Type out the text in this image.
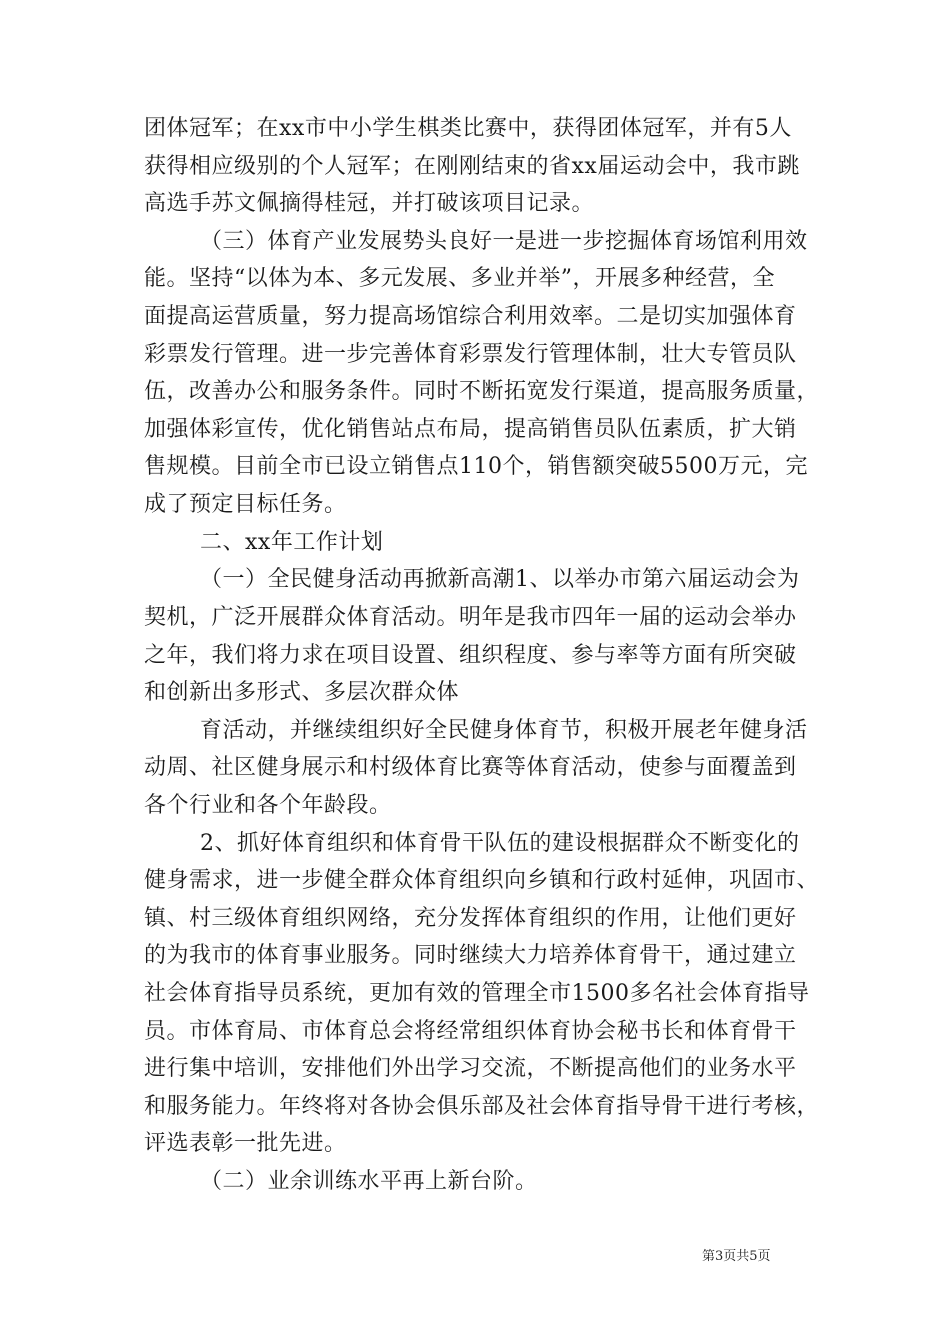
团体冠军；在xx市中小学生棋类比赛中，获得团体冠军，并有5人
获得相应级别的个人冠军；在刚刚结束的省xx届运动会中，我市跳
高选手苏文佩摘得桂冠，并打破该项目记录。
（三）体育产业发展势头良好一是进一步挖掘体育场馆利用效
能。坚持“以体为本、多元发展、多业并举”，开展多种经营，全
面提高运营质量，努力提高场馆综合利用效率。二是切实加强体育
彩票发行管理。进一步完善体育彩票发行管理体制，壮大专管员队
伍，改善办公和服务条件。同时不断拓宽发行渠道，提高服务质量，
加强体彩宣传，优化销售站点布局，提高销售员队伍素质，扩大销
售规模。目前全市已设立销售点110个，销售额突破5500万元，完
成了预定目标任务。
二、xx年工作计划
（一）全民健身活动再掀新高潮1、以举办市第六届运动会为
契机，广泛开展群众体育活动。明年是我市四年一届的运动会举办
之年，我们将力求在项目设置、组织程度、参与率等方面有所突破
和创新出多形式、多层次群众体
育活动，并继续组织好全民健身体育节，积极开展老年健身活
动周、社区健身展示和村级体育比赛等体育活动，使参与面覆盖到
各个行业和各个年龄段。
2、抓好体育组织和体育骨干队伍的建设根据群众不断变化的
健身需求，进一步健全群众体育组织向乡镇和行政村延伸，巩固市、
镇、村三级体育组织网络，充分发挥体育组织的作用，让他们更好
的为我市的体育事业服务。同时继续大力培养体育骨干，通过建立
社会体育指导员系统，更加有效的管理全市1500多名社会体育指导
员。市体育局、市体育总会将经常组织体育协会秘书长和体育骨干
进行集中培训，安排他们外出学习交流，不断提高他们的业务水平
和服务能力。年终将对各协会俱乐部及社会体育指导骨干进行考核，
评选表彰一批先进。
（二）业余训练水平再上新台阶。
第3页共5页
